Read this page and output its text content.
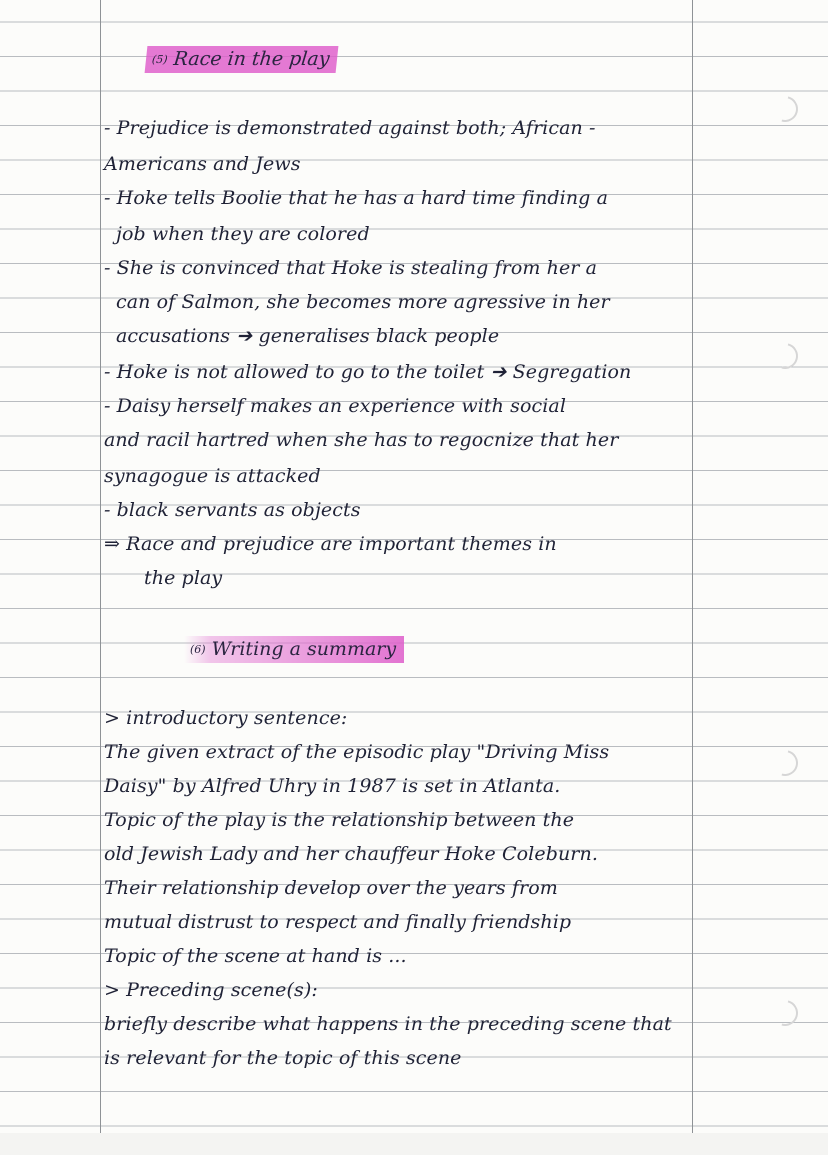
(5) Race in the play
- Prejudice is demonstrated against both; African -
Americans and Jews
- Hoke tells Boolie that he has a hard time finding a
job when they are colored
- She is convinced that Hoke is stealing from her a
can of Salmon, she becomes more agressive in her
accusations ➔ generalises black people
- Hoke is not allowed to go to the toilet ➔ Segregation
- Daisy herself makes an experience with social
and racil hartred when she has to regocnize that her
synagogue is attacked
- black servants as objects
⇒ Race and prejudice are important themes in
the play
(6) Writing a summary
> introductory sentence:
The given extract of the episodic play "Driving Miss
Daisy" by Alfred Uhry in 1987 is set in Atlanta.
Topic of the play is the relationship between the
old Jewish Lady and her chauffeur Hoke Coleburn.
Their relationship develop over the years from
mutual distrust to respect and finally friendship
Topic of the scene at hand is ...
> Preceding scene(s):
briefly describe what happens in the preceding scene that
is relevant for the topic of this scene
